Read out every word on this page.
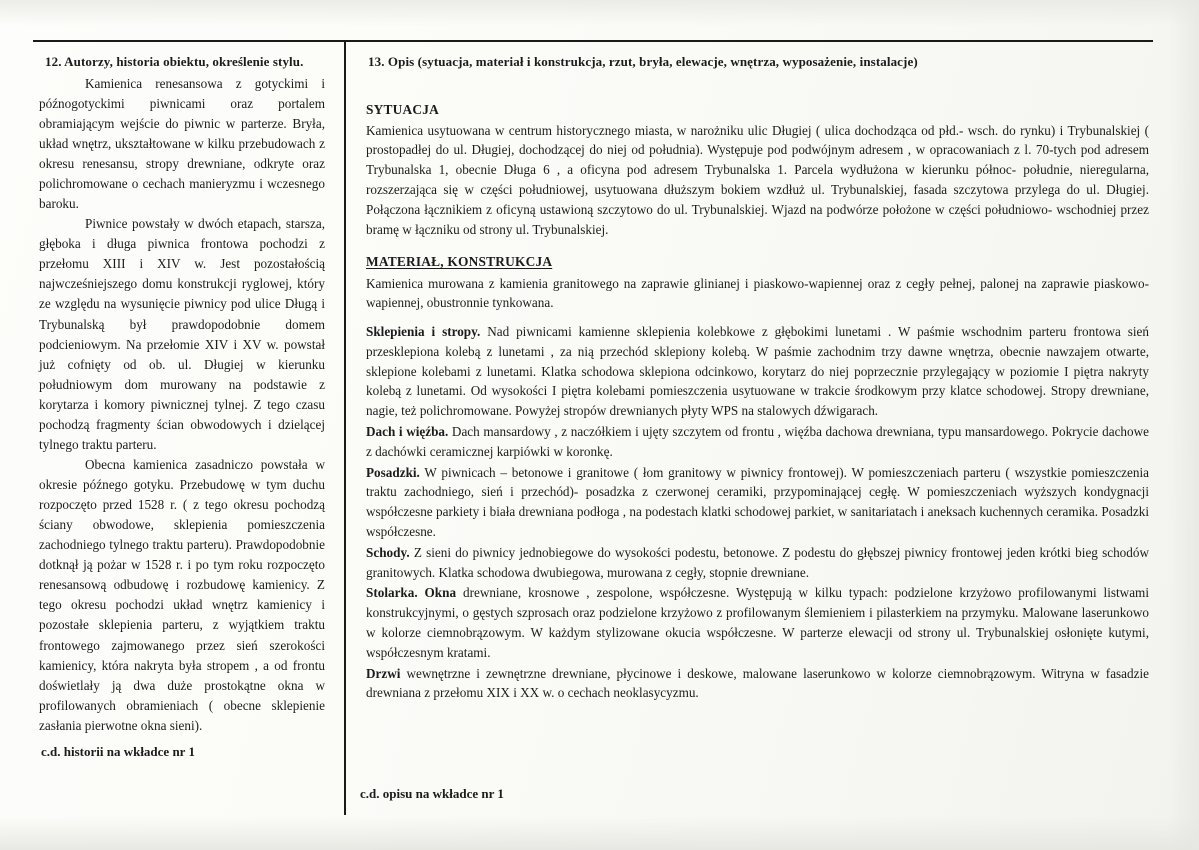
12. Autorzy, historia obiektu, określenie stylu.

Kamienica renesansowa z gotyckimi i późnogotyckimi piwnicami oraz portalem obramiającym wejście do piwnic w parterze. Bryła, układ wnętrz, ukształtowane w kilku przebudowach z okresu renesansu, stropy drewniane, odkryte oraz polichromowane o cechach manieryzmu i wczesnego baroku.

Piwnice powstały w dwóch etapach, starsza, głęboka i długa piwnica frontowa pochodzi z przełomu XIII i XIV w. Jest pozostałością najwcześniejszego domu konstrukcji ryglowej, który ze względu na wysunięcie piwnicy pod ulice Długą i Trybunalską był prawdopodobnie domem podcieniowym. Na przełomie XIV i XV w. powstał już cofnięty od ob. ul. Długiej w kierunku południowym dom murowany na podstawie z korytarza i komory piwnicznej tylnej. Z tego czasu pochodzą fragmenty ścian obwodowych i dzielącej tylnego traktu parteru.

Obecna kamienica zasadniczo powstała w okresie późnego gotyku. Przebudowę w tym duchu rozpoczęto przed 1528 r. ( z tego okresu pochodzą ściany obwodowe, sklepienia pomieszczenia zachodniego tylnego traktu parteru). Prawdopodobnie dotknął ją pożar w 1528 r. i po tym roku rozpoczęto renesansową odbudowę i rozbudowę kamienicy. Z tego okresu pochodzi układ wnętrz kamienicy i pozostałe sklepienia parteru, z wyjątkiem traktu frontowego zajmowanego przez sień szerokości kamienicy, która nakryta była stropem , a od frontu doświetlały ją dwa duże prostokątne okna w profilowanych obramieniach ( obecne sklepienie zasłania pierwotne okna sieni).

c.d. historii na wkładce nr 1
13. Opis (sytuacja, materiał i konstrukcja, rzut, bryła, elewacje, wnętrza, wyposażenie, instalacje)
SYTUACJA

Kamienica usytuowana w centrum historycznego miasta, w narożniku ulic Długiej ( ulica dochodząca od płd.- wsch. do rynku) i Trybunalskiej ( prostopadłej do ul. Długiej, dochodzącej do niej od południa). Występuje pod podwójnym adresem , w opracowaniach z l. 70-tych pod adresem Trybunalska 1, obecnie Długa 6 , a oficyna pod adresem Trybunalska 1. Parcela wydłużona w kierunku północ- południe, nieregularna, rozszerzająca się w części południowej, usytuowana dłuższym bokiem wzdłuż ul. Trybunalskiej, fasada szczytowa przylega do ul. Długiej. Połączona łącznikiem z oficyną ustawioną szczytowo do ul. Trybunalskiej. Wjazd na podwórze położone w części południowo- wschodniej przez bramę w łączniku od strony ul. Trybunalskiej.

MATERIAŁ, KONSTRUKCJA

Kamienica murowana z kamienia granitowego na zaprawie glinianej i piaskowo-wapiennej oraz z cegły pełnej, palonej na zaprawie piaskowo-wapiennej, obustronnie tynkowana.

Sklepienia i stropy. Nad piwnicami kamienne sklepienia kolebkowe z głębokimi lunetami . W paśmie wschodnim parteru frontowa sień przesklepiona kolebą z lunetami , za nią przechód sklepiony kolebą. W paśmie zachodnim trzy dawne wnętrza, obecnie nawzajem otwarte, sklepione kolebami z lunetami. Klatka schodowa sklepiona odcinkowo, korytarz do niej poprzecznie przylegający w poziomie I piętra nakryty kolebą z lunetami. Od wysokości I piętra kolebami pomieszczenia usytuowane w trakcie środkowym przy klatce schodowej. Stropy drewniane, nagie, też polichromowane. Powyżej stropów drewnianych płyty WPS na stalowych dźwigarach.

Dach i więźba. Dach mansardowy , z naczółkiem i ujęty szczytem od frontu , więźba dachowa drewniana, typu mansardowego. Pokrycie dachowe z dachówki ceramicznej karpiówki w koronkę.

Posadzki. W piwnicach – betonowe i granitowe ( łom granitowy w piwnicy frontowej). W pomieszczeniach parteru ( wszystkie pomieszczenia traktu zachodniego, sień i przechód)- posadzka z czerwonej ceramiki, przypominającej cegłę. W pomieszczeniach wyższych kondygnacji współczesne parkiety i biała drewniana podłoga , na podestach klatki schodowej parkiet, w sanitariatach i aneksach kuchennych ceramika. Posadzki współczesne.

Schody. Z sieni do piwnicy jednobiegowe do wysokości podestu, betonowe. Z podestu do głębszej piwnicy frontowej jeden krótki bieg schodów granitowych. Klatka schodowa dwubiegowa, murowana z cegły, stopnie drewniane.

Stolarka. Okna drewniane, krosnowe , zespolone, współczesne. Występują w kilku typach: podzielone krzyżowo profilowanymi listwami konstrukcyjnymi, o gęstych szprosach oraz podzielone krzyżowo z profilowanym ślemieniem i pilasterkiem na przymyku. Malowane laserunkowo w kolorze ciemnobrązowym. W każdym stylizowane okucia współczesne. W parterze elewacji od strony ul. Trybunalskiej osłonięte kutymi, współczesnym kratami.

Drzwi wewnętrzne i zewnętrzne drewniane, płycinowe i deskowe, malowane laserunkowo w kolorze ciemnobrązowym. Witryna w fasadzie drewniana z przełomu XIX i XX w. o cechach neoklasycyzmu.

c.d. opisu na wkładce nr 1
